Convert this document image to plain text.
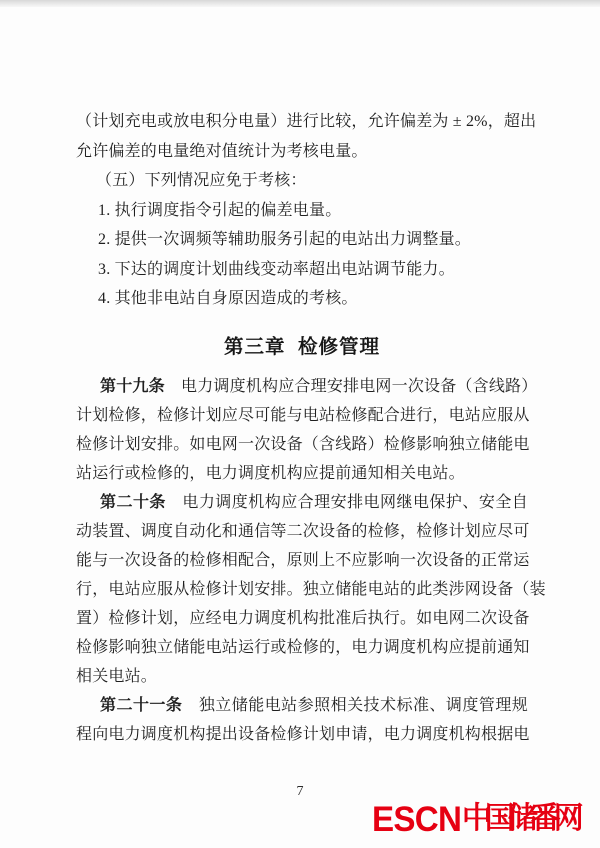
（计划充电或放电积分电量）进行比较，允许偏差为 ± 2%，超出
允许偏差的电量绝对值统计为考核电量。
（五）下列情况应免于考核：
1. 执行调度指令引起的偏差电量。
2. 提供一次调频等辅助服务引起的电站出力调整量。
3. 下达的调度计划曲线变动率超出电站调节能力。
4. 其他非电站自身原因造成的考核。
第三章 检修管理
第十九条　电力调度机构应合理安排电网一次设备（含线路）
计划检修，检修计划应尽可能与电站检修配合进行，电站应服从
检修计划安排。如电网一次设备（含线路）检修影响独立储能电
站运行或检修的，电力调度机构应提前通知相关电站。
第二十条　电力调度机构应合理安排电网继电保护、安全自
动装置、调度自动化和通信等二次设备的检修，检修计划应尽可
能与一次设备的检修相配合，原则上不应影响一次设备的正常运
行，电站应服从检修计划安排。独立储能电站的此类涉网设备（装
置）检修计划，应经电力调度机构批准后执行。如电网二次设备
检修影响独立储能电站运行或检修的，电力调度机构应提前通知
相关电站。
第二十一条　独立储能电站参照相关技术标准、调度管理规
程向电力调度机构提出设备检修计划申请，电力调度机构根据电
7
ESCN 中国储番网
